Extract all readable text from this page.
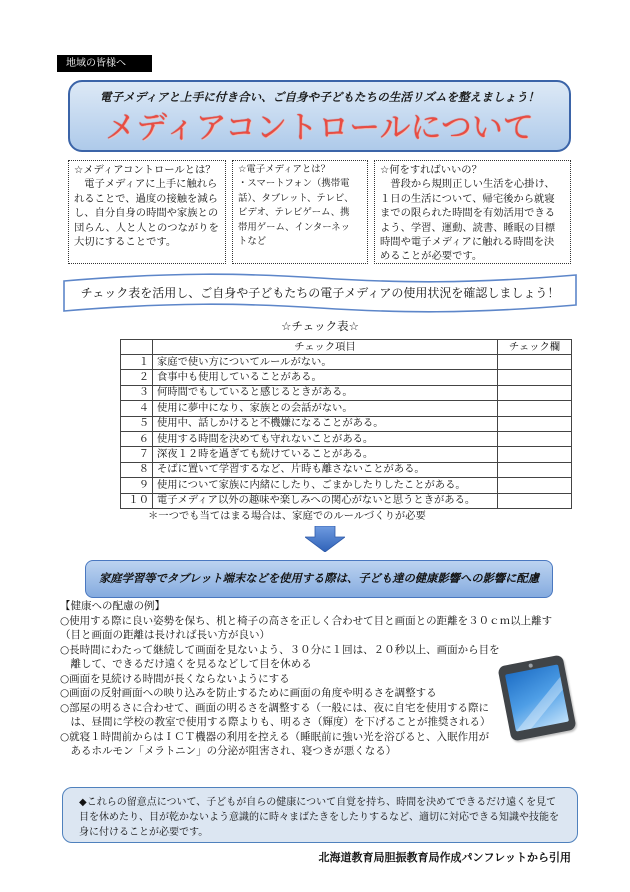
地域の皆様へ
電子メディアと上手に付き合い、ご自身や子どもたちの生活リズムを整えましょう！
メディアコントロールについて
☆メディアコントロールとは？
　電子メディアに上手に触れら
れることで、過度の接触を減ら
し、自分自身の時間や家族との
団らん、人と人とのつながりを
大切にすることです。
☆電子メディアとは？
・スマートフォン（携帯電
話）、タブレット、テレビ、
ビデオ、テレビゲーム、携
帯用ゲーム、インターネッ
トなど
☆何をすればいいの？
　普段から規則正しい生活を心掛け、
１日の生活について、帰宅後から就寝
までの限られた時間を有効活用できる
よう、学習、運動、読書、睡眠の目標
時間や電子メディアに触れる時間を決
めることが必要です。
チェック表を活用し、ご自身や子どもたちの電子メディアの使用状況を確認しましょう！
☆チェック表☆
	チェック項目	チェック欄
１	家庭で使い方についてルールがない。	
２	食事中も使用していることがある。	
３	何時間でもしていると感じるときがある。	
４	使用に夢中になり、家族との会話がない。	
５	使用中、話しかけると不機嫌になることがある。	
６	使用する時間を決めても守れないことがある。	
７	深夜１２時を過ぎても続けていることがある。	
８	そばに置いて学習するなど、片時も離さないことがある。	
９	使用について家族に内緒にしたり、ごまかしたりしたことがある。	
１０	電子メディア以外の趣味や楽しみへの関心がないと思うときがある。	
＊一つでも当てはまる場合は、家庭でのルールづくりが必要
家庭学習等でタブレット端末などを使用する際は、子ども達の健康影響への影響に配慮
【健康への配慮の例】
○使用する際に良い姿勢を保ち、机と椅子の高さを正しく合わせて目と画面との距離を３０ｃｍ以上離す
（目と画面の距離は長ければ長い方が良い）
○長時間にわたって継続して画面を見ないよう、３０分に１回は、２０秒以上、画面から目を
　離して、できるだけ遠くを見るなどして目を休める
○画面を見続ける時間が長くならないようにする
○画面の反射画面への映り込みを防止するために画面の角度や明るさを調整する
○部屋の明るさに合わせて、画面の明るさを調整する（一般には、夜に自宅を使用する際に
　は、昼間に学校の教室で使用する際よりも、明るさ（輝度）を下げることが推奨される）
○就寝１時間前からはＩＣＴ機器の利用を控える（睡眠前に強い光を浴びると、入眠作用が
　あるホルモン「メラトニン」の分泌が阻害され、寝つきが悪くなる）
◆これらの留意点について、子どもが自らの健康について自覚を持ち、時間を決めてできるだけ遠くを見て
目を休めたり、目が乾かないよう意識的に時々まばたきをしたりするなど、適切に対応できる知識や技能を
身に付けることが必要です。
北海道教育局胆振教育局作成パンフレットから引用
